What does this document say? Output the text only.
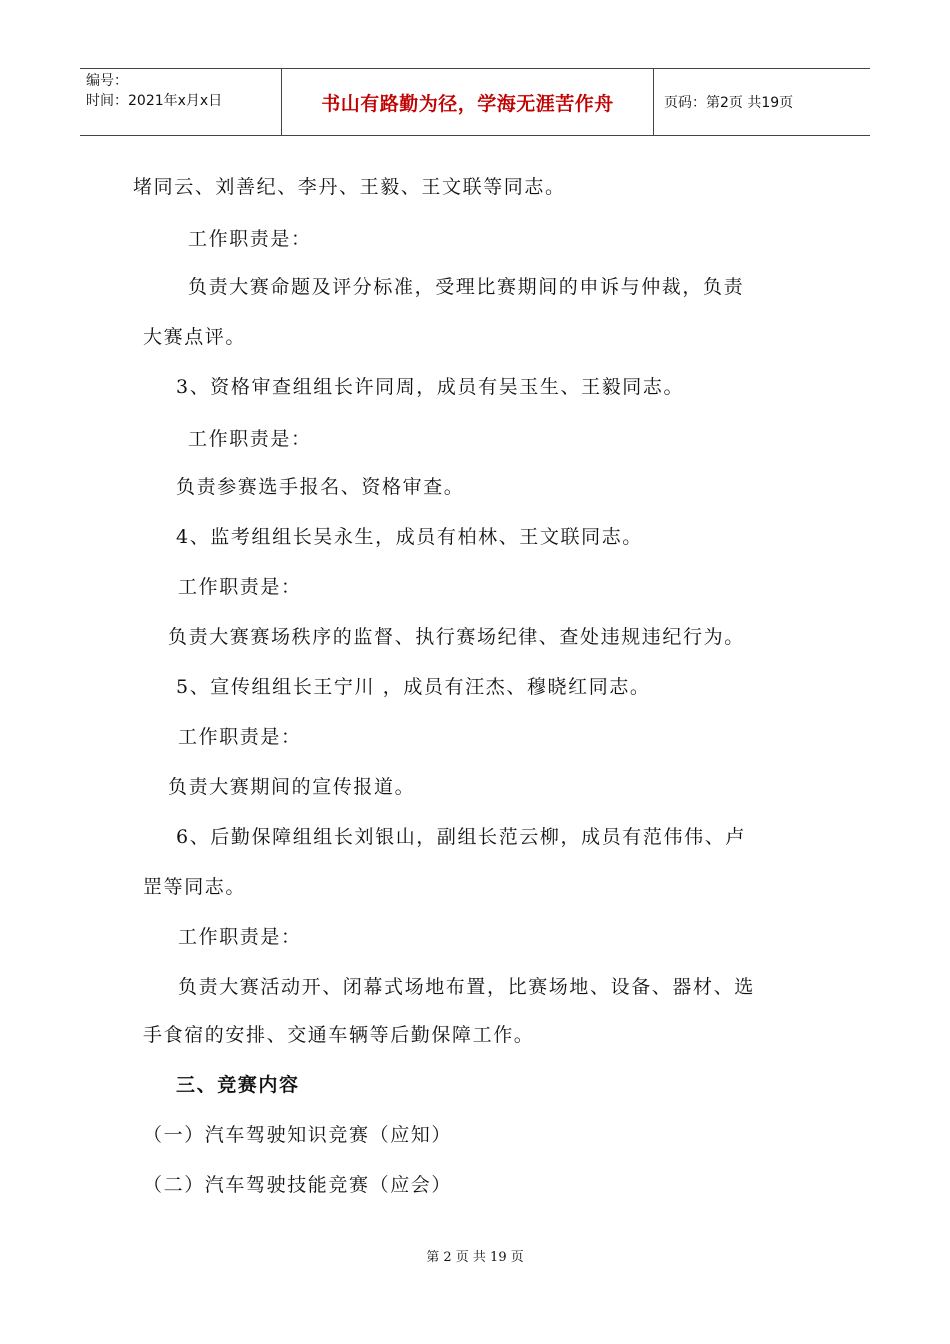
编号：
时间：2021年x月x日	书山有路勤为径，学海无涯苦作舟	页码：第2页 共19页
堵同云、刘善纪、李丹、王毅、王文联等同志。
工作职责是：
负责大赛命题及评分标准，受理比赛期间的申诉与仲裁，负责
大赛点评。
3、资格审查组组长许同周，成员有吴玉生、王毅同志。
工作职责是：
负责参赛选手报名、资格审查。
4、监考组组长吴永生，成员有柏林、王文联同志。
工作职责是：
负责大赛赛场秩序的监督、执行赛场纪律、查处违规违纪行为。
5、宣传组组长王宁川 ，成员有汪杰、穆晓红同志。
工作职责是：
负责大赛期间的宣传报道。
6、后勤保障组组长刘银山，副组长范云柳，成员有范伟伟、卢
罡等同志。
工作职责是：
负责大赛活动开、闭幕式场地布置，比赛场地、设备、器材、选
手食宿的安排、交通车辆等后勤保障工作。
三、竞赛内容
（一）汽车驾驶知识竞赛（应知）
（二）汽车驾驶技能竞赛（应会）
第 2 页 共 19 页
